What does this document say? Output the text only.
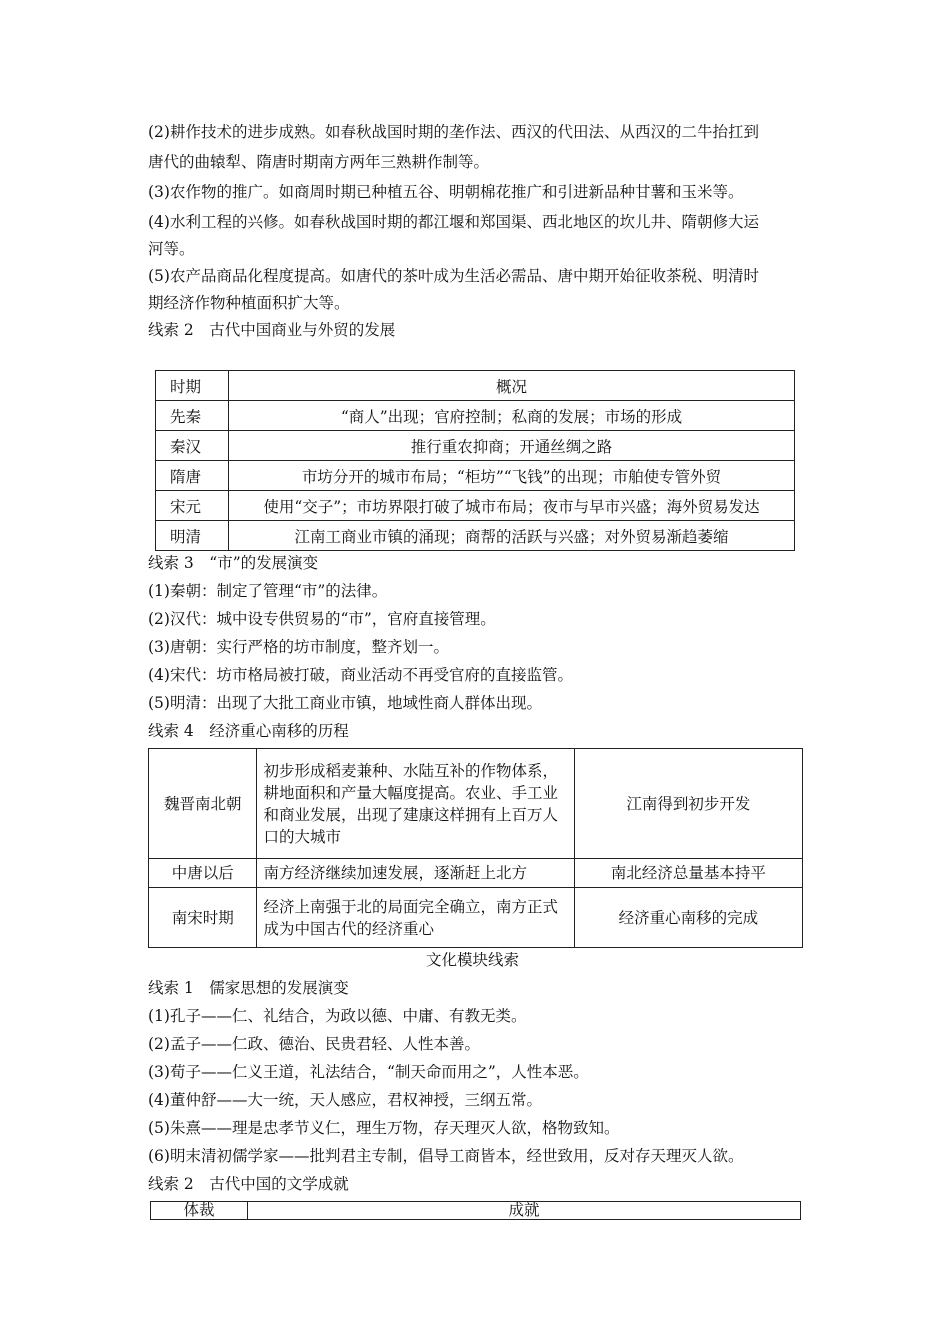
(2)耕作技术的进步成熟。如春秋战国时期的垄作法、西汉的代田法、从西汉的二牛抬扛到
唐代的曲辕犁、隋唐时期南方两年三熟耕作制等。
(3)农作物的推广。如商周时期已种植五谷、明朝棉花推广和引进新品种甘薯和玉米等。
(4)水利工程的兴修。如春秋战国时期的都江堰和郑国渠、西北地区的坎儿井、隋朝修大运
河等。
(5)农产品商品化程度提高。如唐代的茶叶成为生活必需品、唐中期开始征收茶税、明清时
期经济作物种植面积扩大等。
线索 2　古代中国商业与外贸的发展
时期	概况
先秦	“商人”出现；官府控制；私商的发展；市场的形成
秦汉	推行重农抑商；开通丝绸之路
隋唐	市坊分开的城市布局；“柜坊”“飞钱”的出现；市舶使专管外贸
宋元	使用“交子”；市坊界限打破了城市布局；夜市与早市兴盛；海外贸易发达
明清	江南工商业市镇的涌现；商帮的活跃与兴盛；对外贸易渐趋萎缩
线索 3　“市”的发展演变
(1)秦朝：制定了管理“市”的法律。
(2)汉代：城中设专供贸易的“市”，官府直接管理。
(3)唐朝：实行严格的坊市制度，整齐划一。
(4)宋代：坊市格局被打破，商业活动不再受官府的直接监管。
(5)明清：出现了大批工商业市镇，地域性商人群体出现。
线索 4　经济重心南移的历程
魏晋南北朝	初步形成稻麦兼种、水陆互补的作物体系，耕地面积和产量大幅度提高。农业、手工业和商业发展，出现了建康这样拥有上百万人口的大城市	江南得到初步开发
中唐以后	南方经济继续加速发展，逐渐赶上北方	南北经济总量基本持平
南宋时期	经济上南强于北的局面完全确立，南方正式成为中国古代的经济重心	经济重心南移的完成
文化模块线索
线索 1　儒家思想的发展演变
(1)孔子——仁、礼结合，为政以德、中庸、有教无类。
(2)孟子——仁政、德治、民贵君轻、人性本善。
(3)荀子——仁义王道，礼法结合，“制天命而用之”，人性本恶。
(4)董仲舒——大一统，天人感应，君权神授，三纲五常。
(5)朱熹——理是忠孝节义仁，理生万物，存天理灭人欲，格物致知。
(6)明末清初儒学家——批判君主专制，倡导工商皆本，经世致用，反对存天理灭人欲。
线索 2　古代中国的文学成就
体裁	成就
